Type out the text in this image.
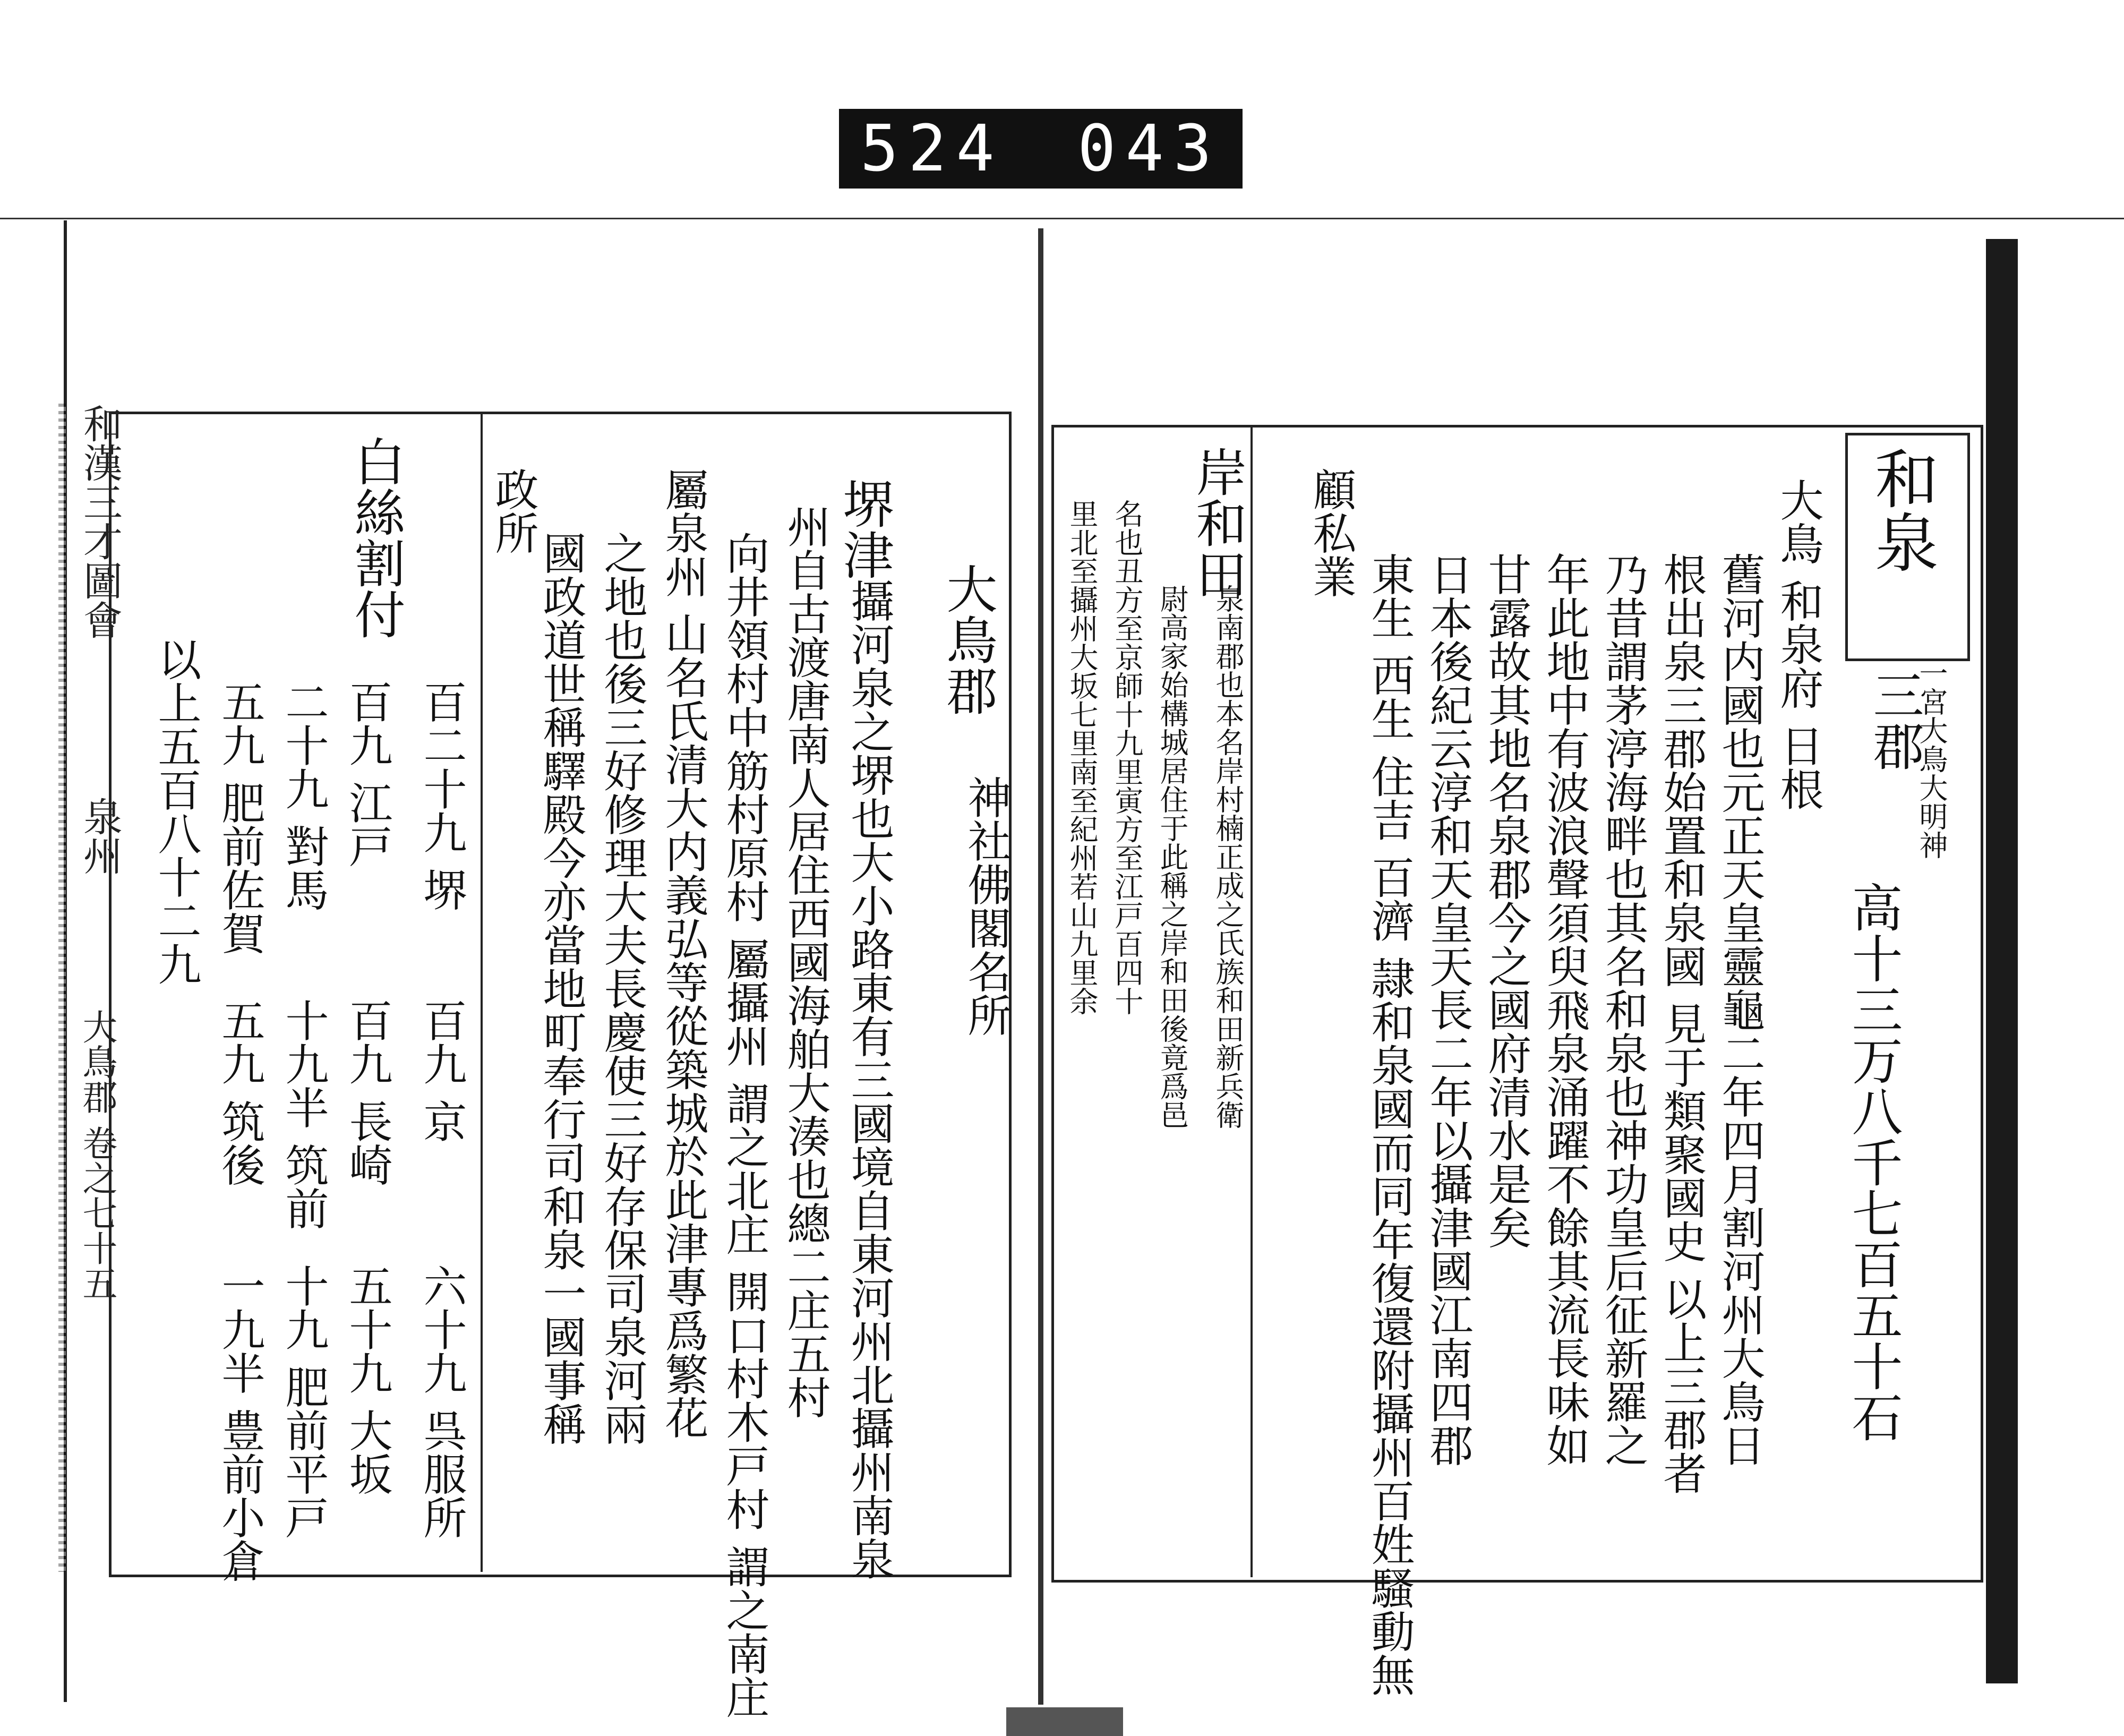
524 043
和漢三才圖會
泉州
大鳥郡 卷之七十五
大鳥郡
神社佛閣名所
堺津
攝河泉之堺也大小路東有三國境自東河州北攝州南泉
州自古渡唐南人居住西國海舶大湊也總二庄五村
向井領村中筋村原村 屬攝州 謂之北庄 開口村木戸村 謂之南庄
屬泉州 山名氏清大内義弘等從築城於此津專爲繁花
之地也後三好修理大夫長慶使三好存保司泉河兩
國政道世稱驛殿今亦當地町奉行司和泉一國事稱
政所
白絲割付
百二十九 堺
百九 京
六十九 呉服所
百九 江戸
百九 長崎
五十九 大坂
二十九 對馬
十九半 筑前
十九 肥前平戸
五九 肥前佐賀
五九 筑後
一九半 豊前小倉
以上五百八十二九
和泉
一宮大鳥大明神
三郡
高十三万八千七百五十石
大鳥 和泉府 日根
舊河内國也元正天皇靈龜二年四月割河州大鳥日
根出泉三郡始置和泉國 見于類聚國史 以上三郡者
乃昔謂茅渟海畔也其名和泉也神功皇后征新羅之
年此地中有波浪聲須臾飛泉涌躍不餘其流長味如
甘露故其地名泉郡今之國府清水是矣
日本後紀云淳和天皇天長二年以攝津國江南四郡
東生 西生 住吉 百濟 隷和泉國而同年復還附攝州百姓騷動無
顧私業
岸和田
泉南郡也本名岸村楠正成之氏族和田新兵衛
尉高家始構城居住于此稱之岸和田後竟爲邑
名也丑方至京師十九里寅方至江戸百四十
里北至攝州大坂七里南至紀州若山九里余
